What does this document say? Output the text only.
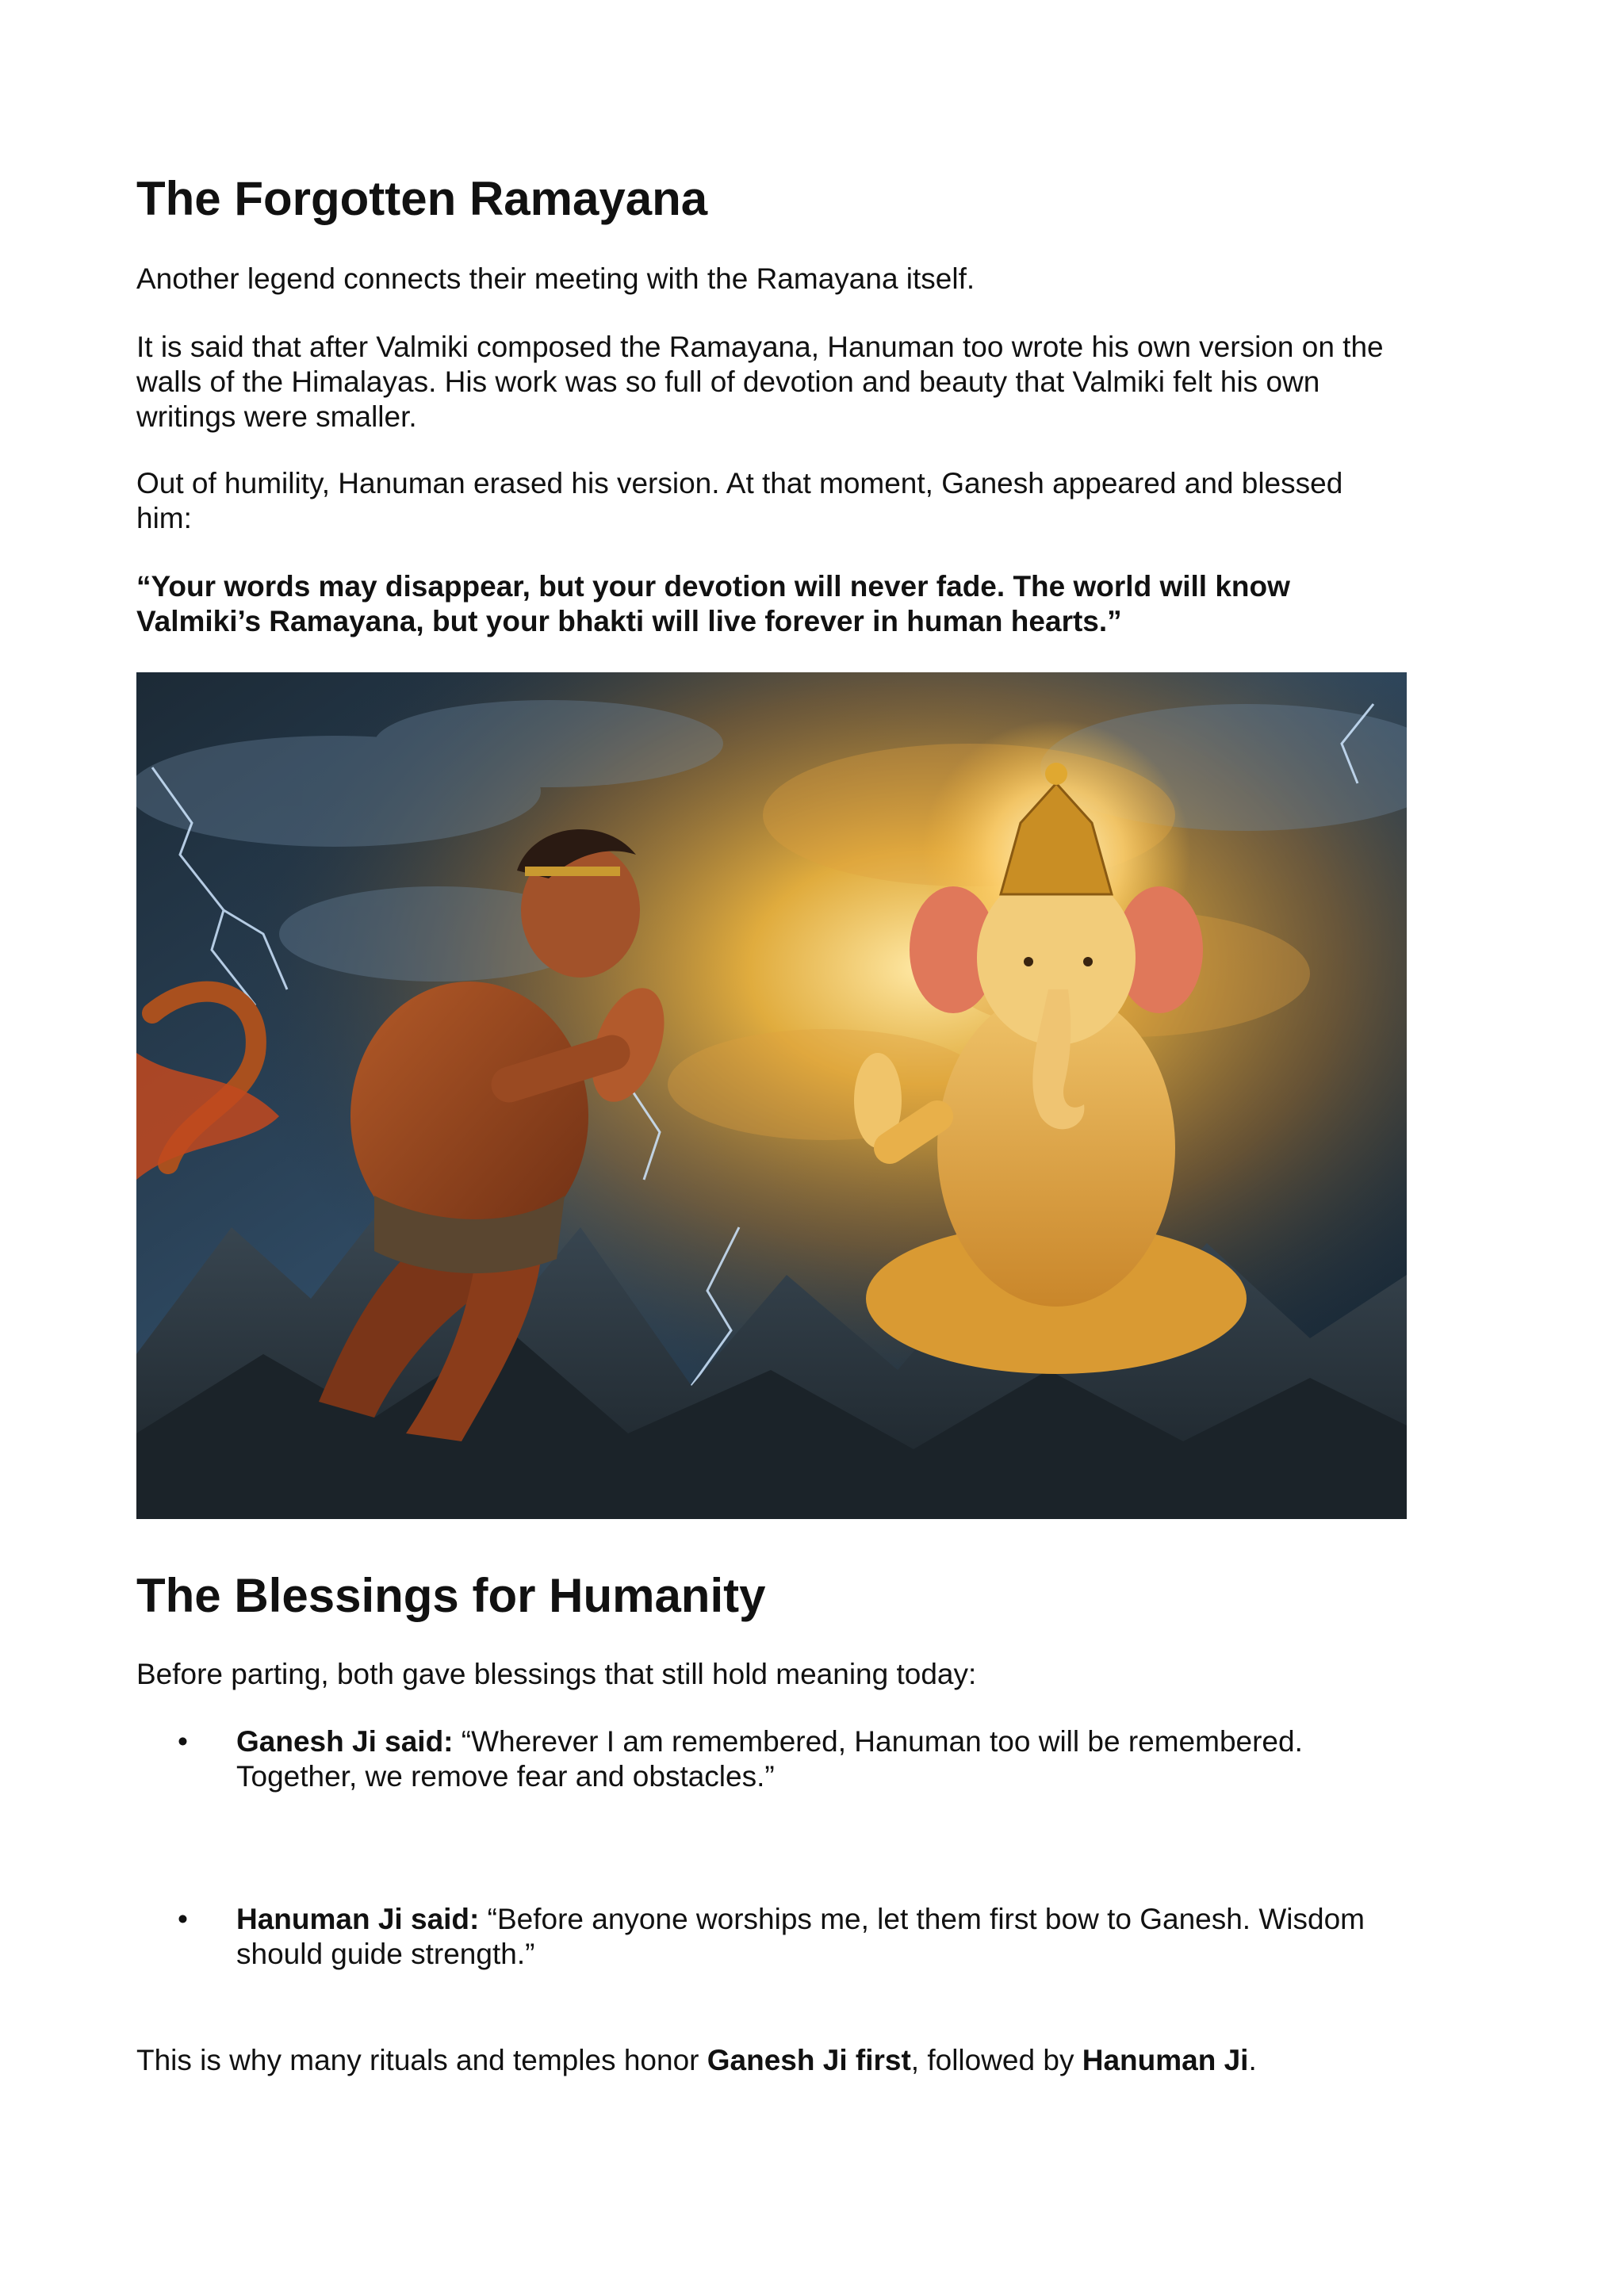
The Forgotten Ramayana

Another legend connects their meeting with the Ramayana itself.

It is said that after Valmiki composed the Ramayana, Hanuman too wrote his own version on the walls of the Himalayas. His work was so full of devotion and beauty that Valmiki felt his own writings were smaller.

Out of humility, Hanuman erased his version. At that moment, Ganesh appeared and blessed him:

“Your words may disappear, but your devotion will never fade. The world will know Valmiki’s Ramayana, but your bhakti will live forever in human hearts.”

The Blessings for Humanity

Before parting, both gave blessings that still hold meaning today:

• Ganesh Ji said: “Wherever I am remembered, Hanuman too will be remembered. Together, we remove fear and obstacles.”
• Hanuman Ji said: “Before anyone worships me, let them first bow to Ganesh. Wisdom should guide strength.”

This is why many rituals and temples honor Ganesh Ji first, followed by Hanuman Ji.
